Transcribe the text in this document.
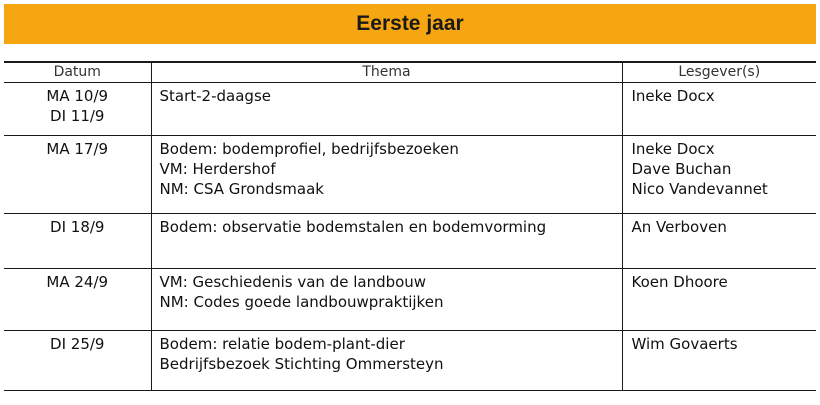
Eerste jaar
Datum	Thema	Lesgever(s)

MA 10/9
DI 11/9	Start-2-daagse	Ineke Docx

MA 17/9	Bodem: bodemprofiel, bedrijfsbezoeken
VM: Herdershof
NM: CSA Grondsmaak	Ineke Docx
Dave Buchan
Nico Vandevannet

DI 18/9	Bodem: observatie bodemstalen en bodemvorming	An Verboven

MA 24/9	VM: Geschiedenis van de landbouw
NM: Codes goede landbouwpraktijken	Koen Dhoore

DI 25/9	Bodem: relatie bodem-plant-dier
Bedrijfsbezoek Stichting Ommersteyn	Wim Govaerts
